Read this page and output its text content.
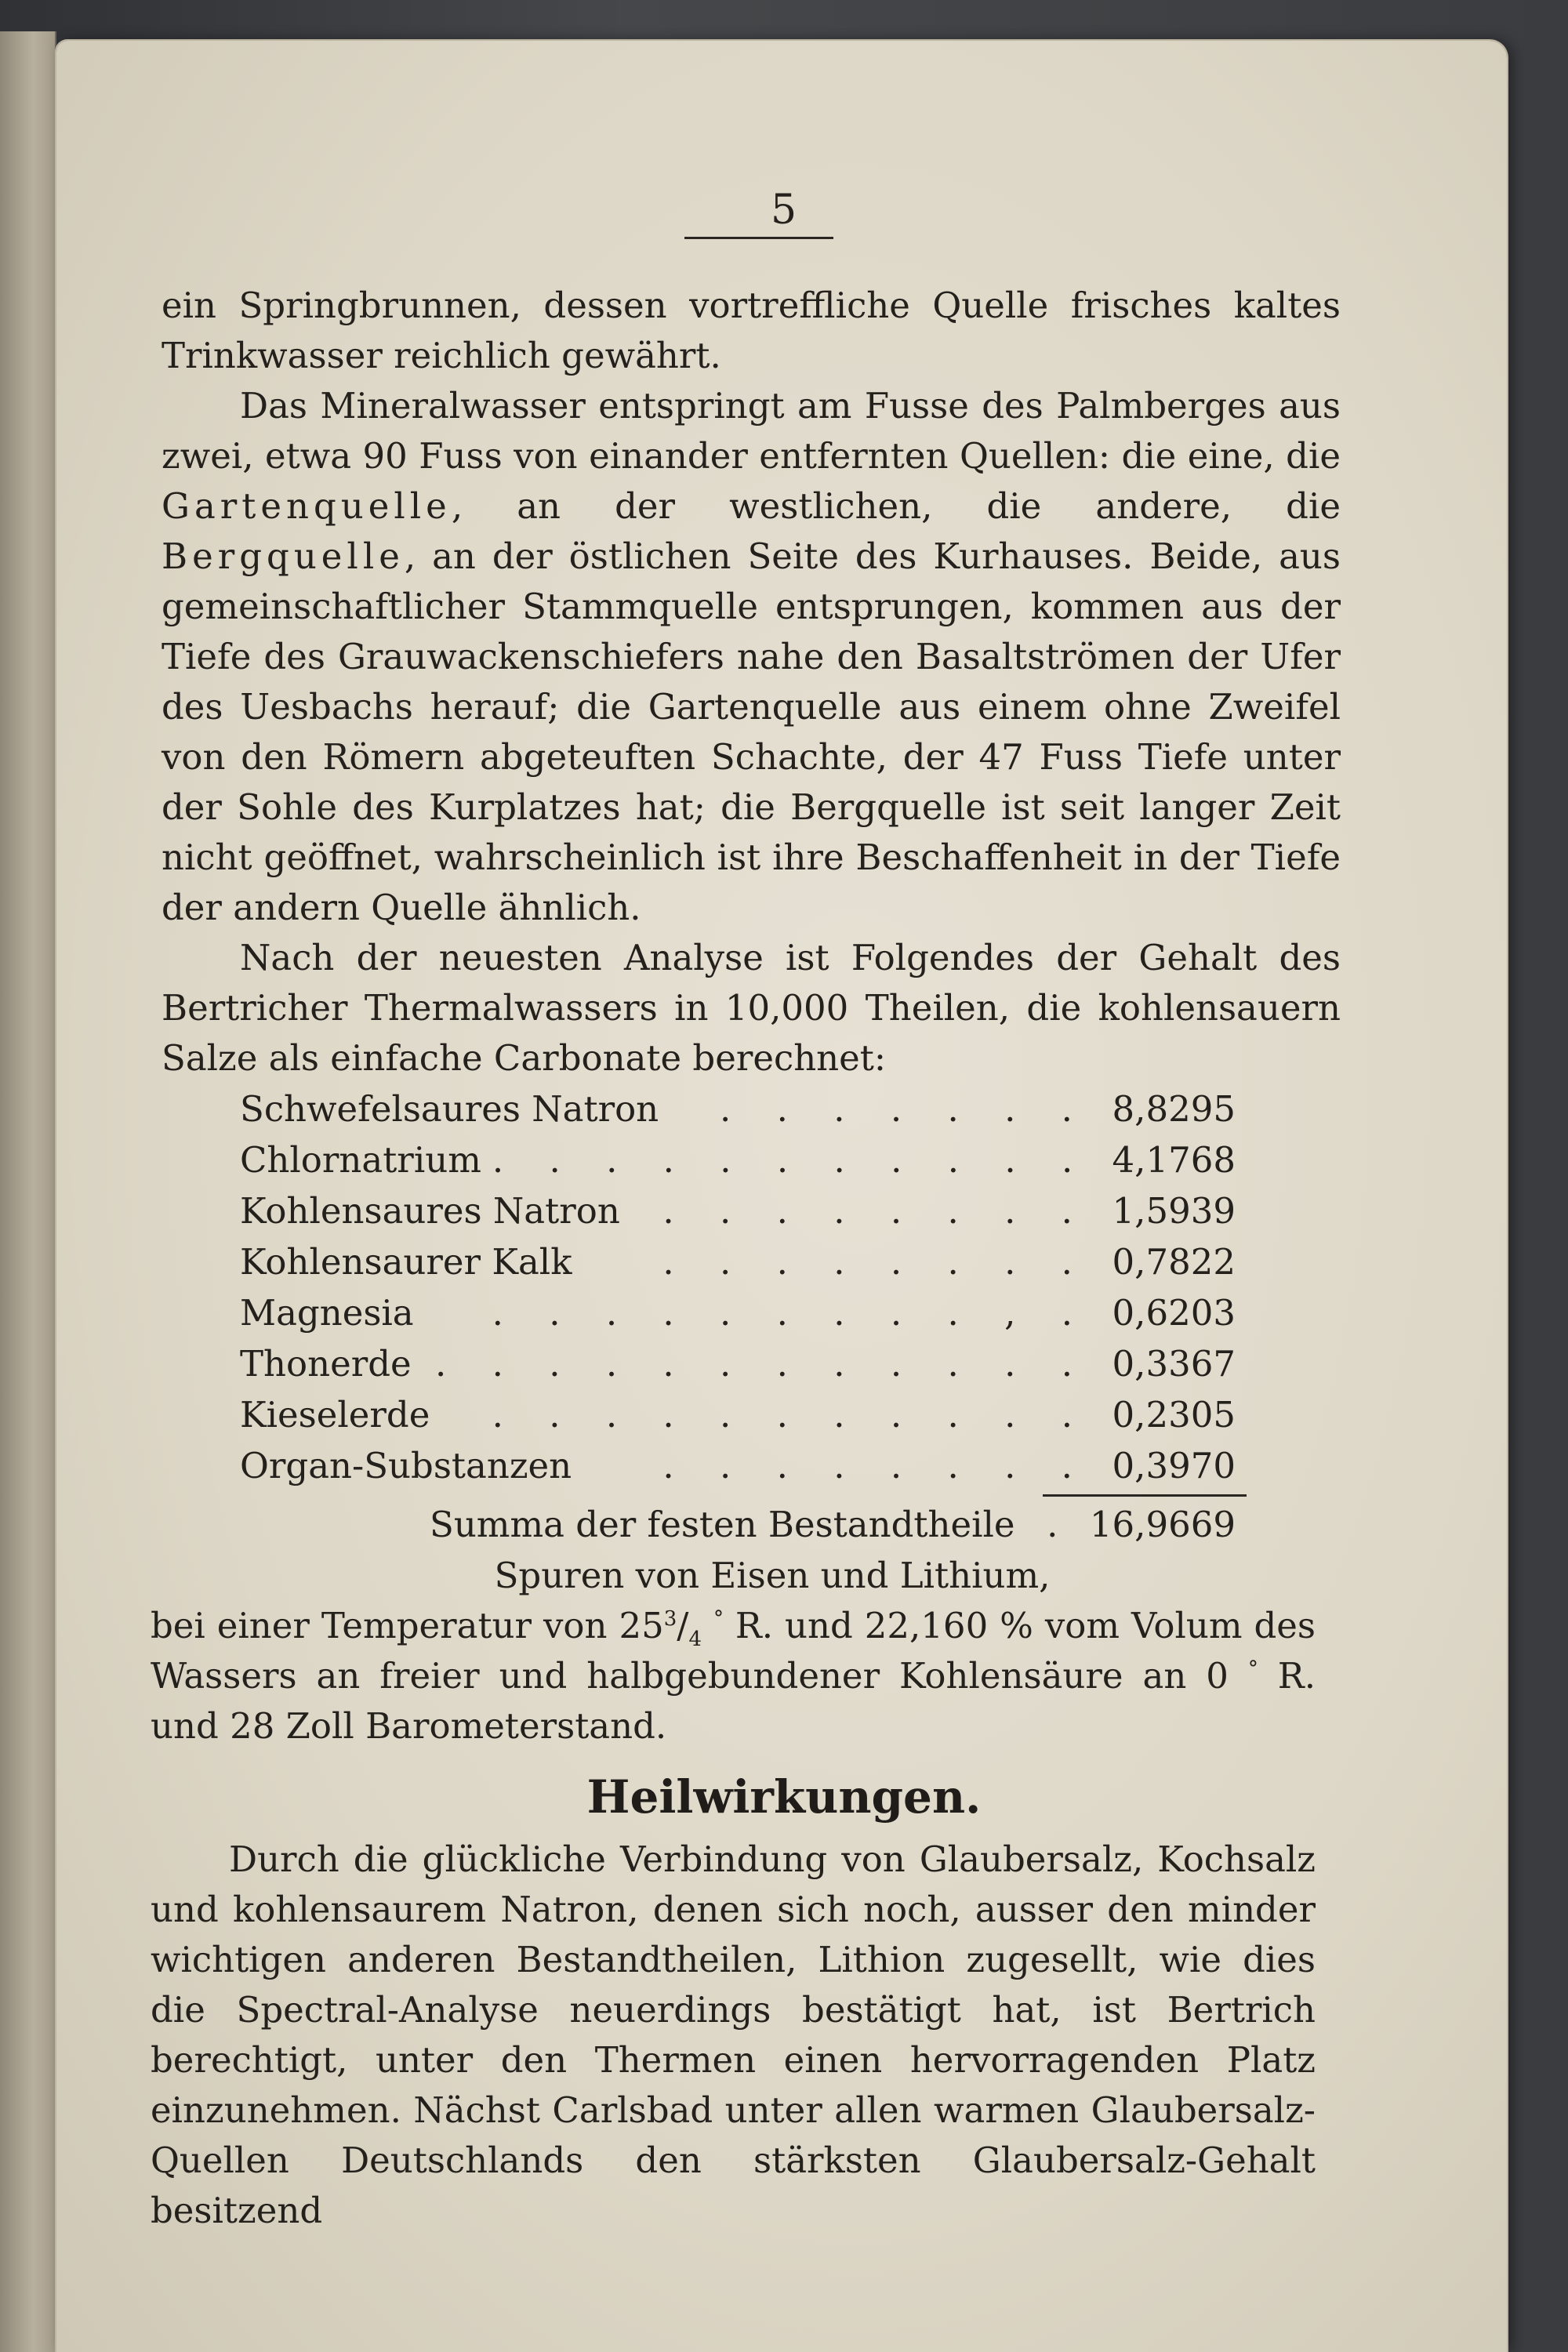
5

ein Springbrunnen, dessen vortreffliche Quelle frisches kaltes Trinkwasser reichlich gewährt.

Das Mineralwasser entspringt am Fusse des Palmberges aus zwei, etwa 90 Fuss von einander entfernten Quellen: die eine, die Gartenquelle, an der westlichen, die andere, die Bergquelle, an der östlichen Seite des Kurhauses. Beide, aus gemeinschaftlicher Stammquelle entsprungen, kommen aus der Tiefe des Grauwackenschiefers nahe den Basaltströmen der Ufer des Uesbachs herauf; die Gartenquelle aus einem ohne Zweifel von den Römern abgeteuften Schachte, der 47 Fuss Tiefe unter der Sohle des Kurplatzes hat; die Bergquelle ist seit langer Zeit nicht geöffnet, wahrscheinlich ist ihre Beschaffenheit in der Tiefe der andern Quelle ähnlich.

Nach der neuesten Analyse ist Folgendes der Gehalt des Bertricher Thermalwassers in 10,000 Theilen, die kohlensauern Salze als einfache Carbonate berechnet:

Schwefelsaures Natron	. . . . . . . 8,8295
Chlornatrium . . . . . . . . . . . 4,1768
Kohlensaures Natron	. . . . . . . . 1,5939
Kohlensaurer Kalk	. . . . . . . . 0,7822
Magnesia	. . . . . . . . . , . 0,6203
Thonerde . . . . . . . . . . . . 0,3367
Kieselerde	. . . . . . . . . . . 0,2305
Organ-Substanzen	. . . . . . . . 0,3970
Summa der festen Bestandtheile . 16,9669
Spuren von Eisen und Lithium,

bei einer Temperatur von $25^3/_4$ ° R. und 22,160 % vom Volum des Wassers an freier und halbgebundener Kohlensäure an 0 ° R. und 28 Zoll Barometerstand.

Heilwirkungen.

Durch die glückliche Verbindung von Glaubersalz, Kochsalz und kohlensaurem Natron, denen sich noch, ausser den minder wichtigen anderen Bestandtheilen, Lithion zugesellt, wie dies die Spectral-Analyse neuerdings bestätigt hat, ist Bertrich berechtigt, unter den Thermen einen hervorragenden Platz einzunehmen. Nächst Carlsbad unter allen warmen Glaubersalz-Quellen Deutschlands den stärksten Glaubersalz-Gehalt besitzend
